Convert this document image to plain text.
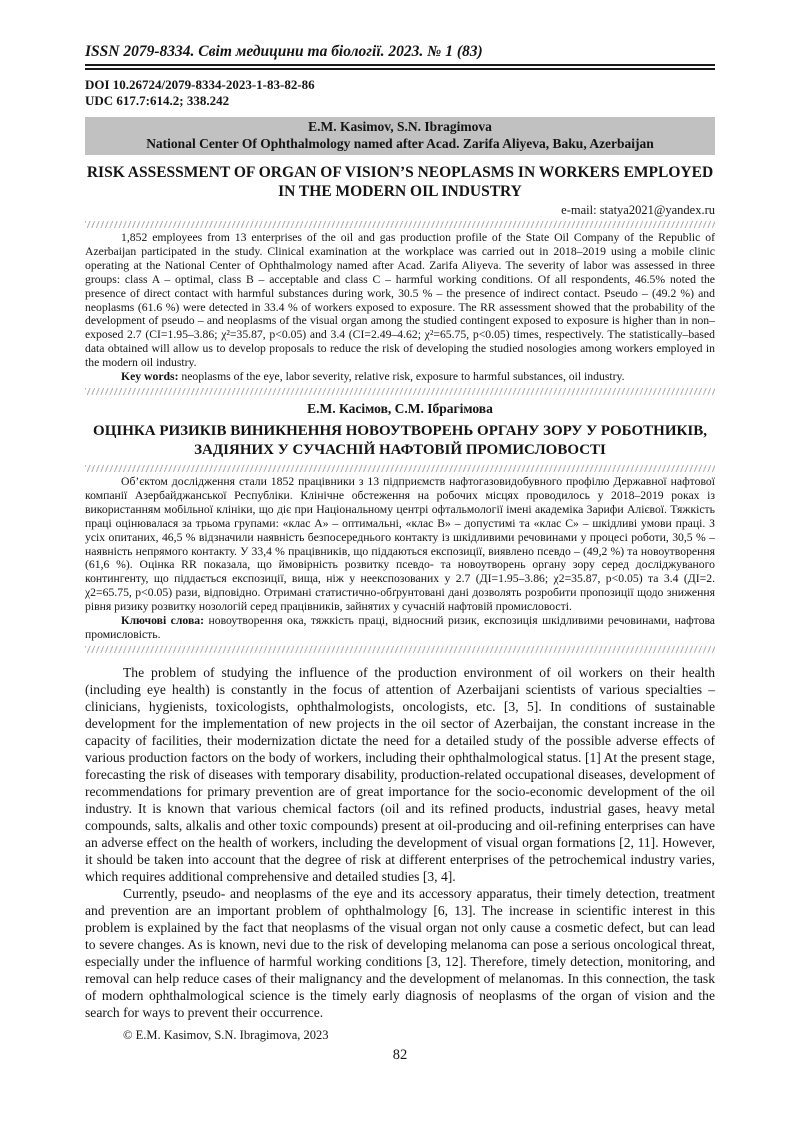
ISSN 2079-8334. Світ медицини та біології. 2023. № 1 (83)
DOI 10.26724/2079-8334-2023-1-83-82-86
UDC 617.7:614.2; 338.242
E.M. Kasimov, S.N. Ibragimova
National Center Of Ophthalmology named after Acad. Zarifa Aliyeva, Baku, Azerbaijan
RISK ASSESSMENT OF ORGAN OF VISION’S NEOPLASMS IN WORKERS EMPLOYED IN THE MODERN OIL INDUSTRY
e-mail: statya2021@yandex.ru

1,852 employees from 13 enterprises of the oil and gas production profile of the State Oil Company of the Republic of Azerbaijan participated in the study. Clinical examination at the workplace was carried out in 2018–2019 using a mobile clinic operating at the National Center of Ophthalmology named after Acad. Zarifa Aliyeva. The severity of labor was assessed in three groups: class A – optimal, class B – acceptable and class C – harmful working conditions. Of all respondents, 46.5% noted the presence of direct contact with harmful substances during work, 30.5 % – the presence of indirect contact. Pseudo – (49.2 %) and neoplasms (61.6 %) were detected in 33.4 % of workers exposed to exposure. The RR assessment showed that the probability of the development of pseudo – and neoplasms of the visual organ among the studied contingent exposed to exposure is higher than in non–exposed 2.7 (CI=1.95–3.86; χ²=35.87, p<0.05) and 3.4 (CI=2.49–4.62; χ²=65.75, p<0.05) times, respectively. The statistically–based data obtained will allow us to develop proposals to reduce the risk of developing the studied nosologies among workers employed in the modern oil industry.

Key words: neoplasms of the eye, labor severity, relative risk, exposure to harmful substances, oil industry.

Е.М. Касімов, С.М. Ібрагімова
ОЦІНКА РИЗИКІВ ВИНИКНЕННЯ НОВОУТВОРЕНЬ ОРГАНУ ЗОРУ У РОБОТНИКІВ, ЗАДІЯНИХ У СУЧАСНІЙ НАФТОВІЙ ПРОМИСЛОВОСТІ

Об’єктом дослідження стали 1852 працівники з 13 підприємств нафтогазовидобувного профілю Державної нафтової компанії Азербайджанської Республіки. Клінічне обстеження на робочих місцях проводилось у 2018–2019 роках із використанням мобільної клініки, що діє при Національному центрі офтальмології імені академіка Зарифи Алієвої. Тяжкість праці оцінювалася за трьома групами: «клас А» – оптимальні, «клас В» – допустимі та «клас С» – шкідливі умови праці. З усіх опитаних, 46,5 % відзначили наявність безпосереднього контакту із шкідливими речовинами у процесі роботи, 30,5 % – наявність непрямого контакту. У 33,4 % працівників, що піддаються експозиції, виявлено псевдо – (49,2 %) та новоутворення (61,6 %). Оцінка RR показала, що ймовірність розвитку псевдо- та новоутворень органу зору серед досліджуваного контингенту, що піддається експозиції, вища, ніж у неекспозованих у 2.7 (ДІ=1.95–3.86; χ2=35.87, p<0.05) та 3.4 (ДІ=2. χ2=65.75, p<0.05) рази, відповідно. Отримані статистично-обґрунтовані дані дозволять розробити пропозиції щодо зниження рівня ризику розвитку нозологій серед працівників, зайнятих у сучасній нафтовій промисловості.

Ключові слова: новоутворення ока, тяжкість праці, відносний ризик, експозиція шкідливими речовинами, нафтова промисловість.

The problem of studying the influence of the production environment of oil workers on their health (including eye health) is constantly in the focus of attention of Azerbaijani scientists of various specialties – clinicians, hygienists, toxicologists, ophthalmologists, oncologists, etc. [3, 5]. In conditions of sustainable development for the implementation of new projects in the oil sector of Azerbaijan, the constant increase in the capacity of facilities, their modernization dictate the need for a detailed study of the possible adverse effects of various production factors on the body of workers, including their ophthalmological status. [1] At the present stage, forecasting the risk of diseases with temporary disability, production-related occupational diseases, development of recommendations for primary prevention are of great importance for the socio-economic development of the oil industry. It is known that various chemical factors (oil and its refined products, industrial gases, heavy metal compounds, salts, alkalis and other toxic compounds) present at oil-producing and oil-refining enterprises can have an adverse effect on the health of workers, including the development of visual organ formations [2, 11]. However, it should be taken into account that the degree of risk at different enterprises of the petrochemical industry varies, which requires additional comprehensive and detailed studies [3, 4].

Currently, pseudo- and neoplasms of the eye and its accessory apparatus, their timely detection, treatment and prevention are an important problem of ophthalmology [6, 13]. The increase in scientific interest in this problem is explained by the fact that neoplasms of the visual organ not only cause a cosmetic defect, but can lead to severe changes. As is known, nevi due to the risk of developing melanoma can pose a serious oncological threat, especially under the influence of harmful working conditions [3, 12]. Therefore, timely detection, monitoring, and removal can help reduce cases of their malignancy and the development of melanomas. In this connection, the task of modern ophthalmological science is the timely early diagnosis of neoplasms of the organ of vision and the search for ways to prevent their occurrence.

© E.M. Kasimov, S.N. Ibragimova, 2023
82
